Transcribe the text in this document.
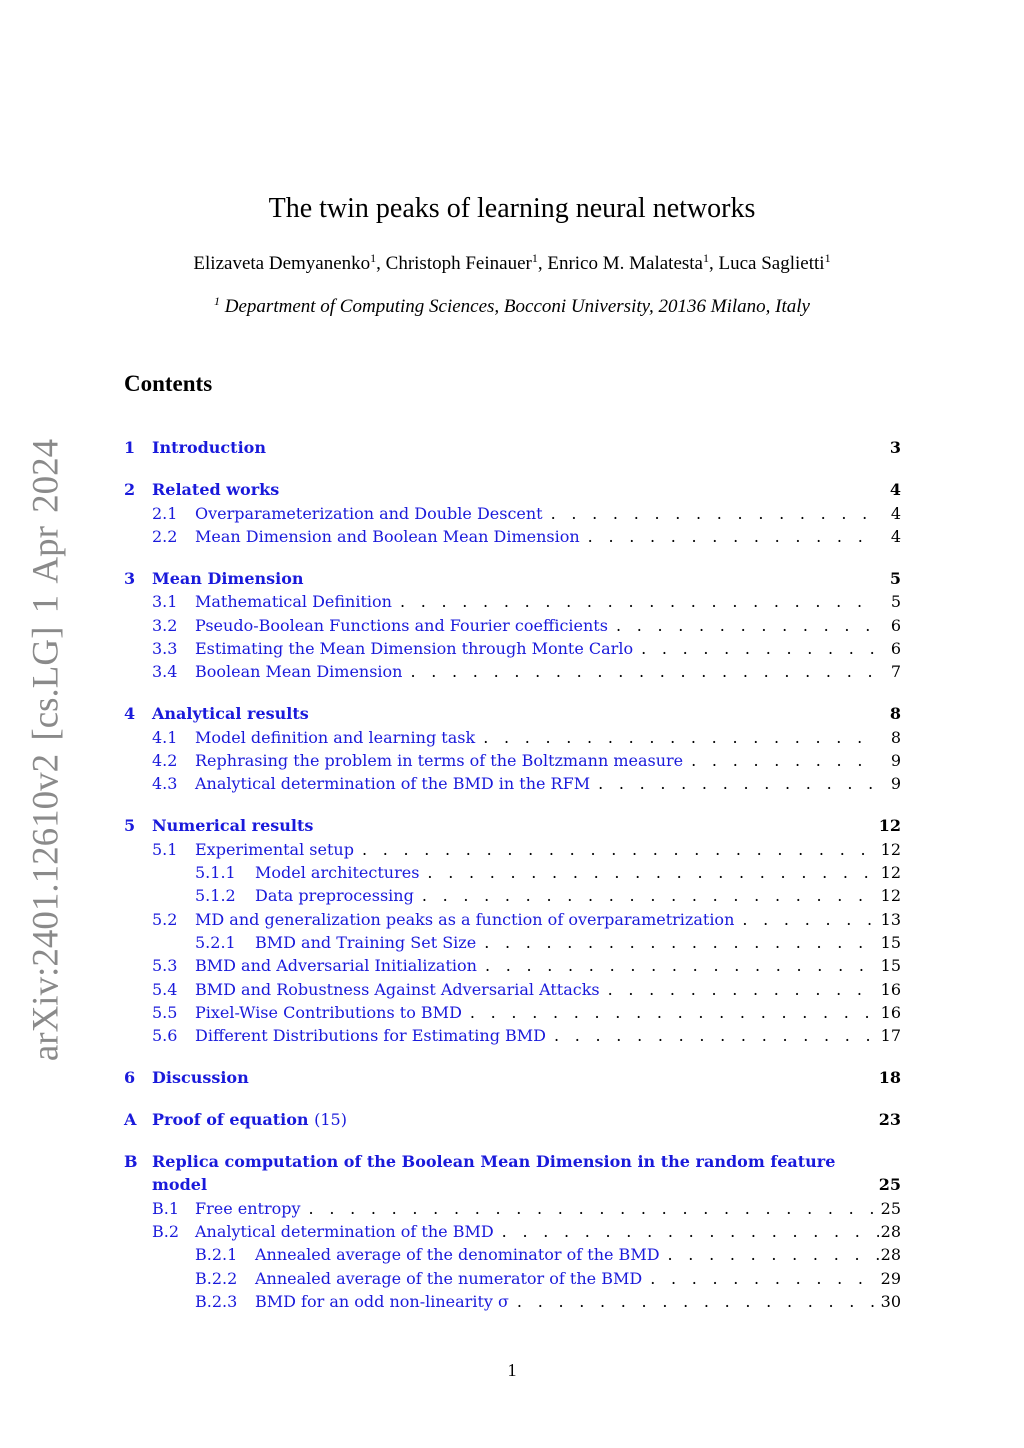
arXiv:2401.12610v2 [cs.LG] 1 Apr 2024
The twin peaks of learning neural networks
Elizaveta Demyanenko$^1$, Christoph Feinauer$^1$, Enrico M. Malatesta$^1$, Luca Saglietti$^1$
$^1$ Department of Computing Sciences, Bocconi University, 20136 Milano, Italy
Contents
1	Introduction	3
2	Related works	4
2.1	Overparameterization and Double Descent . . .	4
2.2	Mean Dimension and Boolean Mean Dimension . . .	4
3	Mean Dimension	5
3.1	Mathematical Definition . . .	5
3.2	Pseudo-Boolean Functions and Fourier coefficients . . .	6
3.3	Estimating the Mean Dimension through Monte Carlo . . .	6
3.4	Boolean Mean Dimension . . .	7
4	Analytical results	8
4.1	Model definition and learning task . . .	8
4.2	Rephrasing the problem in terms of the Boltzmann measure . . .	9
4.3	Analytical determination of the BMD in the RFM . . .	9
5	Numerical results	12
5.1	Experimental setup . . .	12
5.1.1	Model architectures . . .	12
5.1.2	Data preprocessing . . .	12
5.2	MD and generalization peaks as a function of overparametrization . . .	13
5.2.1	BMD and Training Set Size . . .	15
5.3	BMD and Adversarial Initialization . . .	15
5.4	BMD and Robustness Against Adversarial Attacks . . .	16
5.5	Pixel-Wise Contributions to BMD . . .	16
5.6	Different Distributions for Estimating BMD . . .	17
6	Discussion	18
A Proof of equation (15)	23
B Replica computation of the Boolean Mean Dimension in the random feature
model	25
B.1 Free entropy . . .	25
B.2 Analytical determination of the BMD . . .	28
B.2.1	Annealed average of the denominator of the BMD . . .	28
B.2.2	Annealed average of the numerator of the BMD . . .	29
B.2.3	BMD for an odd non-linearity σ . . .	30
1
